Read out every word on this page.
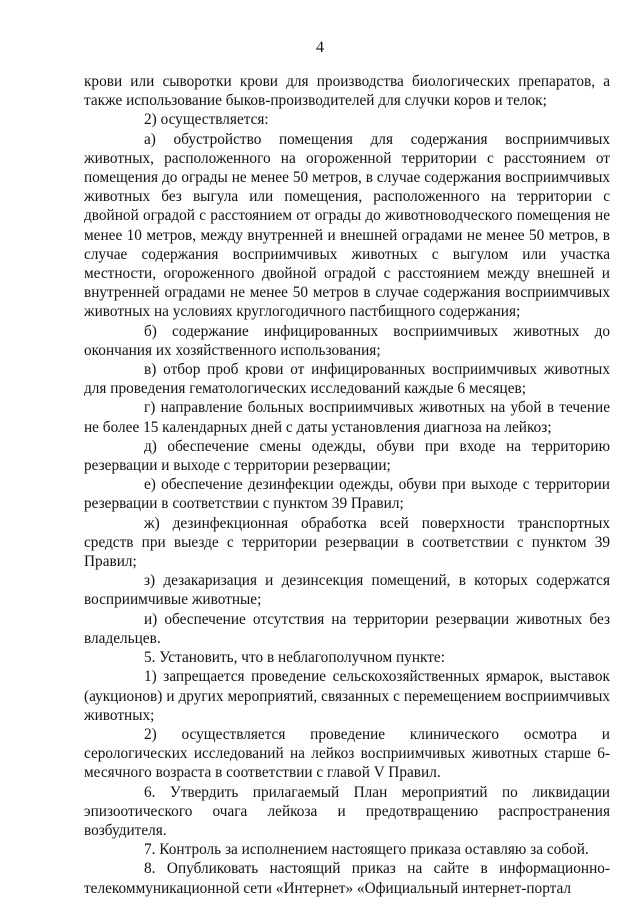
4

крови или сыворотки крови для производства биологических препаратов, а также использование быков-производителей для случки коров и телок;

2) осуществляется:

а) обустройство помещения для содержания восприимчивых животных, расположенного на огороженной территории с расстоянием от помещения до ограды не менее 50 метров, в случае содержания восприимчивых животных без выгула или помещения, расположенного на территории с двойной оградой с расстоянием от ограды до животноводческого помещения не менее 10 метров, между внутренней и внешней оградами не менее 50 метров, в случае содержания восприимчивых животных с выгулом или участка местности, огороженного двойной оградой с расстоянием между внешней и внутренней оградами не менее 50 метров в случае содержания восприимчивых животных на условиях круглогодичного пастбищного содержания;

б) содержание инфицированных восприимчивых животных до окончания их хозяйственного использования;

в) отбор проб крови от инфицированных восприимчивых животных для проведения гематологических исследований каждые 6 месяцев;

г) направление больных восприимчивых животных на убой в течение не более 15 календарных дней с даты установления диагноза на лейкоз;

д) обеспечение смены одежды, обуви при входе на территорию резервации и выходе с территории резервации;

е) обеспечение дезинфекции одежды, обуви при выходе с территории резервации в соответствии с пунктом 39 Правил;

ж) дезинфекционная обработка всей поверхности транспортных средств при выезде с территории резервации в соответствии с пунктом 39 Правил;

з) дезакаризация и дезинсекция помещений, в которых содержатся восприимчивые животные;

и) обеспечение отсутствия на территории резервации животных без владельцев.

5. Установить, что в неблагополучном пункте:

1) запрещается проведение сельскохозяйственных ярмарок, выставок (аукционов) и других мероприятий, связанных с перемещением восприимчивых животных;

2) осуществляется проведение клинического осмотра и серологических исследований на лейкоз восприимчивых животных старше 6-месячного возраста в соответствии с главой V Правил.

6. Утвердить прилагаемый План мероприятий по ликвидации эпизоотического очага лейкоза и предотвращению распространения возбудителя.

7. Контроль за исполнением настоящего приказа оставляю за собой.

8. Опубликовать настоящий приказ на сайте в информационно-телекоммуникационной сети «Интернет» «Официальный интернет-портал
